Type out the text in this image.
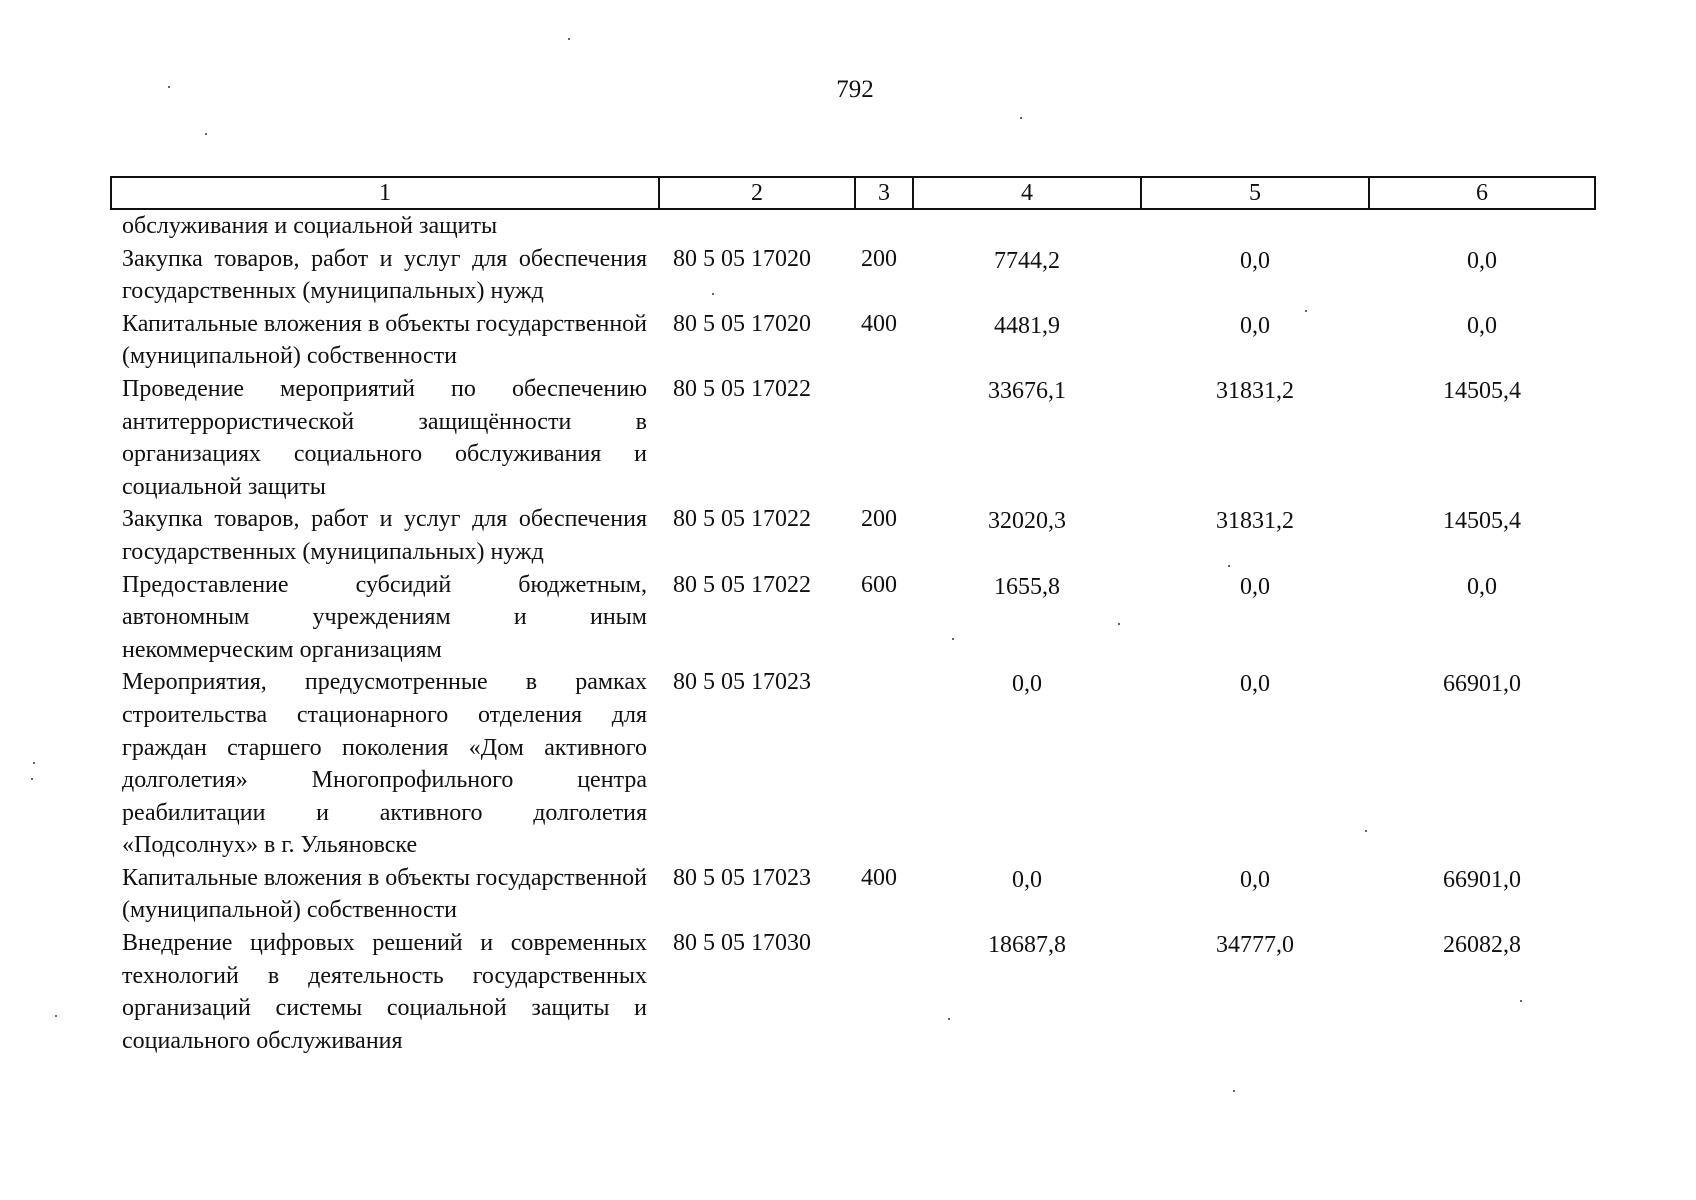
792
1	2	3	4	5	6
обслуживания и социальной защиты					
Закупка товаров, работ и услуг для обеспечения государственных (муниципальных) нужд	80 5 05 17020	200	7744,2	0,0	0,0
Капитальные вложения в объекты государственной (муниципальной) собственности	80 5 05 17020	400	4481,9	0,0	0,0
Проведение мероприятий по обеспечению антитеррористической защищённости в организациях социального обслуживания и социальной защиты	80 5 05 17022		33676,1	31831,2	14505,4
Закупка товаров, работ и услуг для обеспечения государственных (муниципальных) нужд	80 5 05 17022	200	32020,3	31831,2	14505,4
Предоставление субсидий бюджетным, автономным учреждениям и иным некоммерческим организациям	80 5 05 17022	600	1655,8	0,0	0,0
Мероприятия, предусмотренные в рамках строительства стационарного отделения для граждан старшего поколения «Дом активного долголетия» Многопрофильного центра реабилитации и активного долголетия «Подсолнух» в г. Ульяновске	80 5 05 17023		0,0	0,0	66901,0
Капитальные вложения в объекты государственной (муниципальной) собственности	80 5 05 17023	400	0,0	0,0	66901,0
Внедрение цифровых решений и современных технологий в деятельность государственных организаций системы социальной защиты и социального обслуживания	80 5 05 17030		18687,8	34777,0	26082,8
